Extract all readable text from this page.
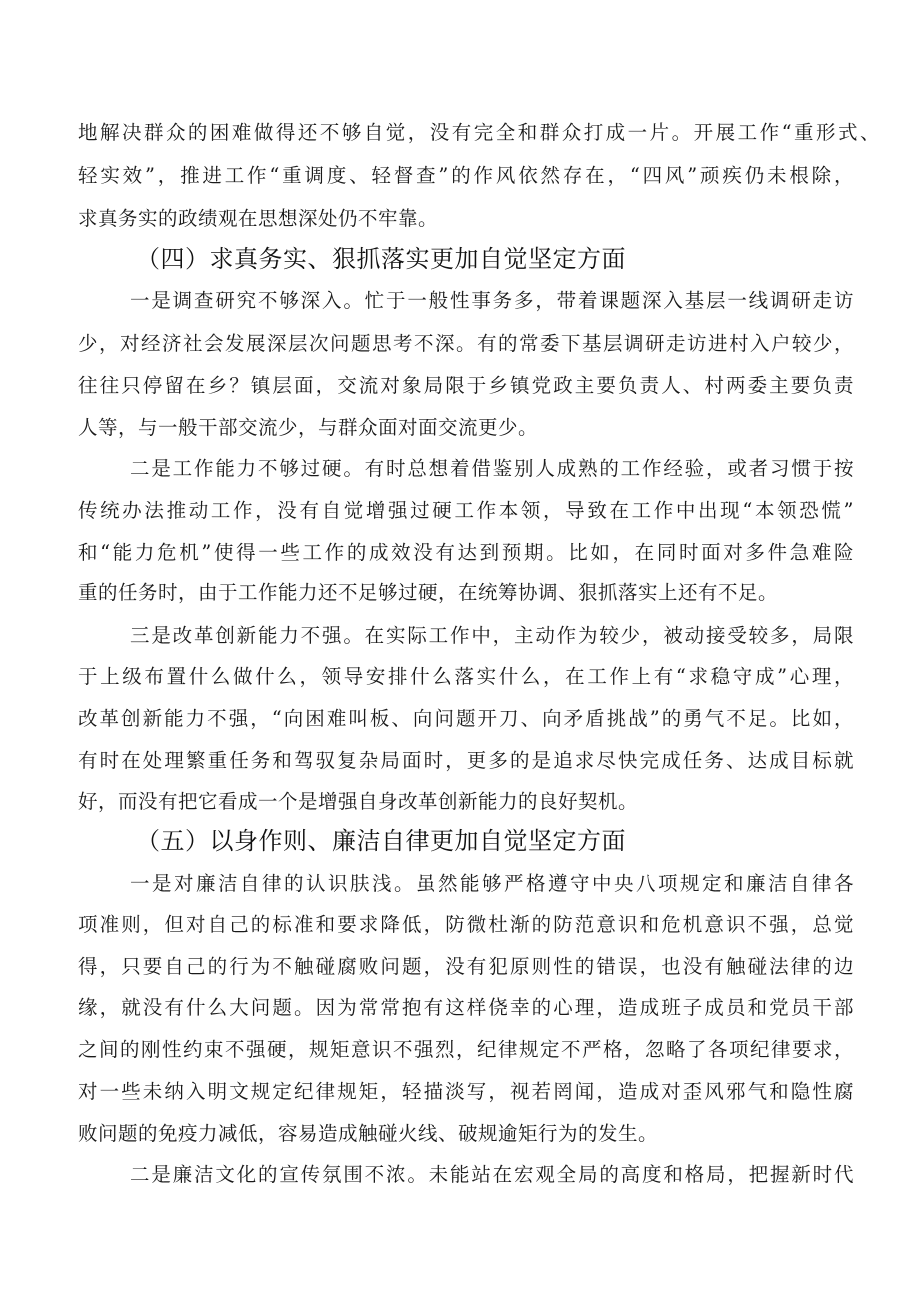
地解决群众的困难做得还不够自觉，没有完全和群众打成一片。开展工作“重形式、
轻实效”，推进工作“重调度、轻督查”的作风依然存在，“四风”顽疾仍未根除，
求真务实的政绩观在思想深处仍不牢靠。
（四）求真务实、狠抓落实更加自觉坚定方面
一是调查研究不够深入。忙于一般性事务多，带着课题深入基层一线调研走访
少，对经济社会发展深层次问题思考不深。有的常委下基层调研走访进村入户较少，
往往只停留在乡？镇层面，交流对象局限于乡镇党政主要负责人、村两委主要负责
人等，与一般干部交流少，与群众面对面交流更少。
二是工作能力不够过硬。有时总想着借鉴别人成熟的工作经验，或者习惯于按
传统办法推动工作，没有自觉增强过硬工作本领，导致在工作中出现“本领恐慌”
和“能力危机”使得一些工作的成效没有达到预期。比如，在同时面对多件急难险
重的任务时，由于工作能力还不足够过硬，在统筹协调、狠抓落实上还有不足。
三是改革创新能力不强。在实际工作中，主动作为较少，被动接受较多，局限
于上级布置什么做什么，领导安排什么落实什么，在工作上有“求稳守成”心理，
改革创新能力不强，“向困难叫板、向问题开刀、向矛盾挑战”的勇气不足。比如，
有时在处理繁重任务和驾驭复杂局面时，更多的是追求尽快完成任务、达成目标就
好，而没有把它看成一个是增强自身改革创新能力的良好契机。
（五）以身作则、廉洁自律更加自觉坚定方面
一是对廉洁自律的认识肤浅。虽然能够严格遵守中央八项规定和廉洁自律各
项准则，但对自己的标准和要求降低，防微杜渐的防范意识和危机意识不强，总觉
得，只要自己的行为不触碰腐败问题，没有犯原则性的错误，也没有触碰法律的边
缘，就没有什么大问题。因为常常抱有这样侥幸的心理，造成班子成员和党员干部
之间的刚性约束不强硬，规矩意识不强烈，纪律规定不严格，忽略了各项纪律要求，
对一些未纳入明文规定纪律规矩，轻描淡写，视若罔闻，造成对歪风邪气和隐性腐
败问题的免疫力减低，容易造成触碰火线、破规逾矩行为的发生。
二是廉洁文化的宣传氛围不浓。未能站在宏观全局的高度和格局，把握新时代
